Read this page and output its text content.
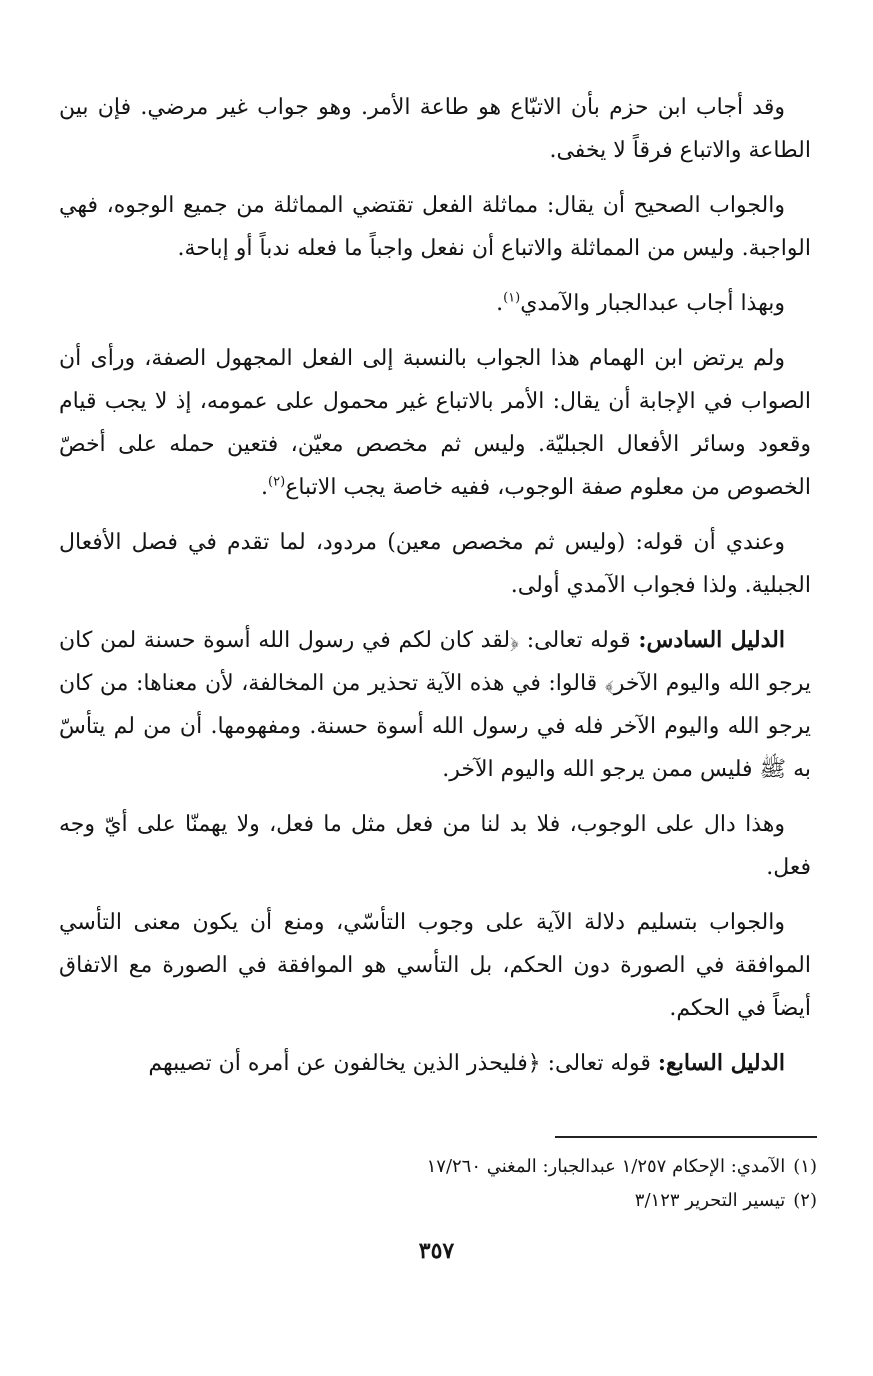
وقد أجاب ابن حزم بأن الاتبّاع هو طاعة الأمر. وهو جواب غير مرضي. فإن بين الطاعة والاتباع فرقاً لا يخفى.

والجواب الصحيح أن يقال: مماثلة الفعل تقتضي المماثلة من جميع الوجوه، فهي الواجبة. وليس من المماثلة والاتباع أن نفعل واجباً ما فعله ندباً أو إباحة.

وبهذا أجاب عبدالجبار والآمدي$^{(١)}$.

ولم يرتض ابن الهمام هذا الجواب بالنسبة إلى الفعل المجهول الصفة، ورأى أن الصواب في الإجابة أن يقال: الأمر بالاتباع غير محمول على عمومه، إذ لا يجب قيام وقعود وسائر الأفعال الجبليّة. وليس ثم مخصص معيّن، فتعين حمله على أخصّ الخصوص من معلوم صفة الوجوب، ففيه خاصة يجب الاتباع$^{(٢)}$.

وعندي أن قوله: (وليس ثم مخصص معين) مردود، لما تقدم في فصل الأفعال الجبلية. ولذا فجواب الآمدي أولى.

الدليل السادس: قوله تعالى: ﴿لقد كان لكم في رسول الله أسوة حسنة لمن كان يرجو الله واليوم الآخر﴾ قالوا: في هذه الآية تحذير من المخالفة، لأن معناها: من كان يرجو الله واليوم الآخر فله في رسول الله أسوة حسنة. ومفهومها. أن من لم يتأسّ به ﷺ فليس ممن يرجو الله واليوم الآخر.

وهذا دال على الوجوب، فلا بد لنا من فعل مثل ما فعل، ولا يهمنّا على أيّ وجه فعل.

والجواب بتسليم دلالة الآية على وجوب التأسّي، ومنع أن يكون معنى التأسي الموافقة في الصورة دون الحكم، بل التأسي هو الموافقة في الصورة مع الاتفاق أيضاً في الحكم.

الدليل السابع: قوله تعالى: ﴿فليحذر الذين يخالفون عن أمره أن تصيبهم

(١)الآمدي: الإحكام ١/٢٥٧ عبدالجبار: المغني ١٧/٢٦٠
(٢)تيسير التحرير ٣/١٢٣
٣٥٧
